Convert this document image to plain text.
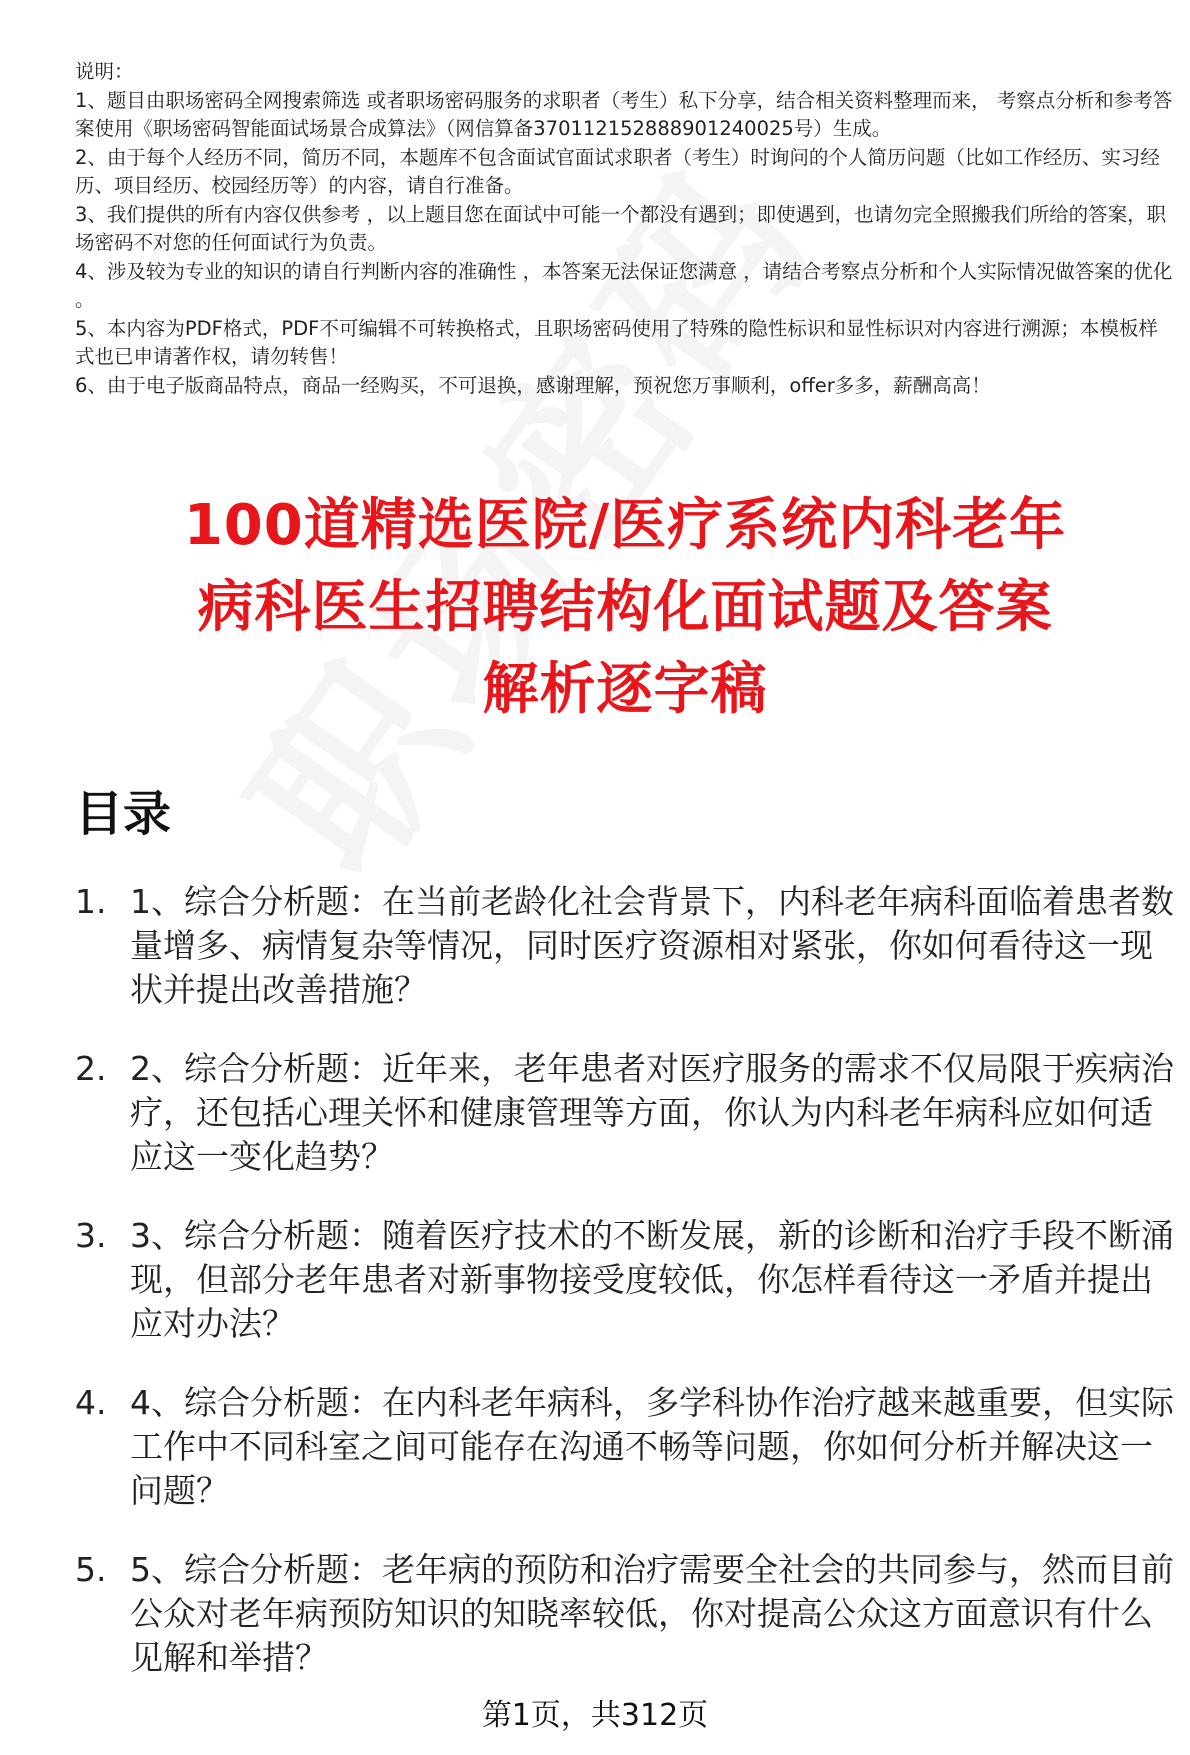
说明：
1、题目由职场密码全网搜索筛选 或者职场密码服务的求职者（考生）私下分享，结合相关资料整理而来， 考察点分析和参考答案使用《职场密码智能面试场景合成算法》（网信算备370112152888901240025号）生成。
2、由于每个人经历不同，简历不同，本题库不包含面试官面试求职者（考生）时询问的个人简历问题（比如工作经历、实习经历、项目经历、校园经历等）的内容，请自行准备。
3、我们提供的所有内容仅供参考 ，以上题目您在面试中可能一个都没有遇到；即使遇到，也请勿完全照搬我们所给的答案，职场密码不对您的任何面试行为负责。
4、涉及较为专业的知识的请自行判断内容的准确性 ，本答案无法保证您满意 ，请结合考察点分析和个人实际情况做答案的优化 。
5、本内容为PDF格式，PDF不可编辑不可转换格式，且职场密码使用了特殊的隐性标识和显性标识对内容进行溯源；本模板样式也已申请著作权，请勿转售！
6、由于电子版商品特点，商品一经购买，不可退换，感谢理解，预祝您万事顺利，offer多多，薪酬高高！
100道精选医院/医疗系统内科老年
病科医生招聘结构化面试题及答案
解析逐字稿
目录
1. 1、综合分析题：在当前老龄化社会背景下，内科老年病科面临着患者数量增多、病情复杂等情况，同时医疗资源相对紧张，你如何看待这一现状并提出改善措施？
2. 2、综合分析题：近年来，老年患者对医疗服务的需求不仅局限于疾病治疗，还包括心理关怀和健康管理等方面，你认为内科老年病科应如何适应这一变化趋势？
3. 3、综合分析题：随着医疗技术的不断发展，新的诊断和治疗手段不断涌现，但部分老年患者对新事物接受度较低，你怎样看待这一矛盾并提出应对办法？
4. 4、综合分析题：在内科老年病科，多学科协作治疗越来越重要，但实际工作中不同科室之间可能存在沟通不畅等问题，你如何分析并解决这一问题？
5. 5、综合分析题：老年病的预防和治疗需要全社会的共同参与，然而目前公众对老年病预防知识的知晓率较低，你对提高公众这方面意识有什么见解和举措？
第1页，共312页
